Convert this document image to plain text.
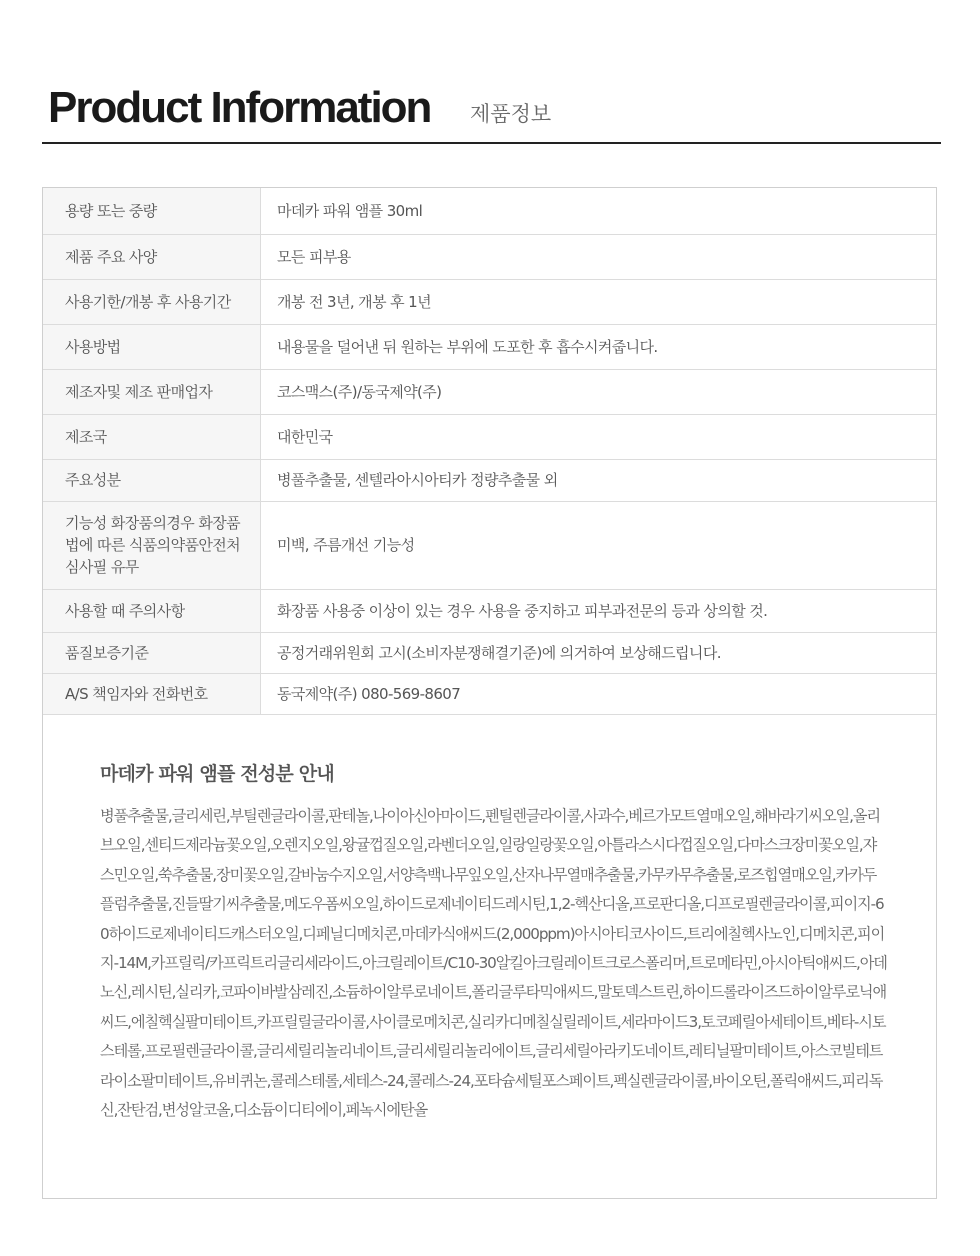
Product Information 제품정보
용량 또는 중량	마데카 파워 앰플 30ml
제품 주요 사양	모든 피부용
사용기한/개봉 후 사용기간	개봉 전 3년, 개봉 후 1년
사용방법	내용물을 덜어낸 뒤 원하는 부위에 도포한 후 흡수시켜줍니다.
제조자및 제조 판매업자	코스맥스(주)/동국제약(주)
제조국	대한민국
주요성분	병풀추출물, 센텔라아시아티카 정량추출물 외
기능성 화장품의경우 화장품법에 따른 식품의약품안전처 심사필 유무	미백, 주름개선 기능성
사용할 때 주의사항	화장품 사용중 이상이 있는 경우 사용을 중지하고 피부과전문의 등과 상의할 것.
품질보증기준	공정거래위원회 고시(소비자분쟁해결기준)에 의거하여 보상해드립니다.
A/S 책임자와 전화번호	동국제약(주) 080-569-8607
마데카 파워 앰플 전성분 안내
병풀추출물,글리세린,부틸렌글라이콜,판테놀,나이아신아마이드,펜틸렌글라이콜,사과수,베르가모트열매오일,해바라기씨오일,올리브오일,센티드제라늄꽃오일,오렌지오일,왕귤껍질오일,라벤더오일,일랑일랑꽃오일,아틀라스시다껍질오일,다마스크장미꽃오일,쟈스민오일,쑥추출물,장미꽃오일,갈바눔수지오일,서양측백나무잎오일,산자나무열매추출물,카무카무추출물,로즈힙열매오일,카카두플럼추출물,진들딸기씨추출물,메도우폼씨오일,하이드로제네이티드레시틴,1,2-헥산디올,프로판디올,디프로필렌글라이콜,피이지-60하이드로제네이티드캐스터오일,디페닐디메치콘,마데카식애씨드(2,000ppm)아시아티코사이드,트리에칠헥사노인,디메치콘,피이지-14M,카프릴릭/카프릭트리글리세라이드,아크릴레이트/C10-30알킬아크릴레이트크로스폴리머,트로메타민,아시아틱애씨드,아데노신,레시틴,실리카,코파이바발삼레진,소듐하이알루로네이트,폴리글루타믹애씨드,말토덱스트린,하이드롤라이즈드하이알루로닉애씨드,에칠헥실팔미테이트,카프릴릴글라이콜,사이클로메치콘,실리카디메칠실릴레이트,세라마이드3,토코페릴아세테이트,베타-시토스테롤,프로필렌글라이콜,글리세릴리놀리네이트,글리세릴리놀리에이트,글리세릴아라키도네이트,레티닐팔미테이트,아스코빌테트라이소팔미테이트,유비퀴논,콜레스테롤,세테스-24,콜레스-24,포타슘세틸포스페이트,펙실렌글라이콜,바이오틴,폴릭애씨드,피리독신,잔탄검,변성알코올,디소듐이디티에이,페녹시에탄올
